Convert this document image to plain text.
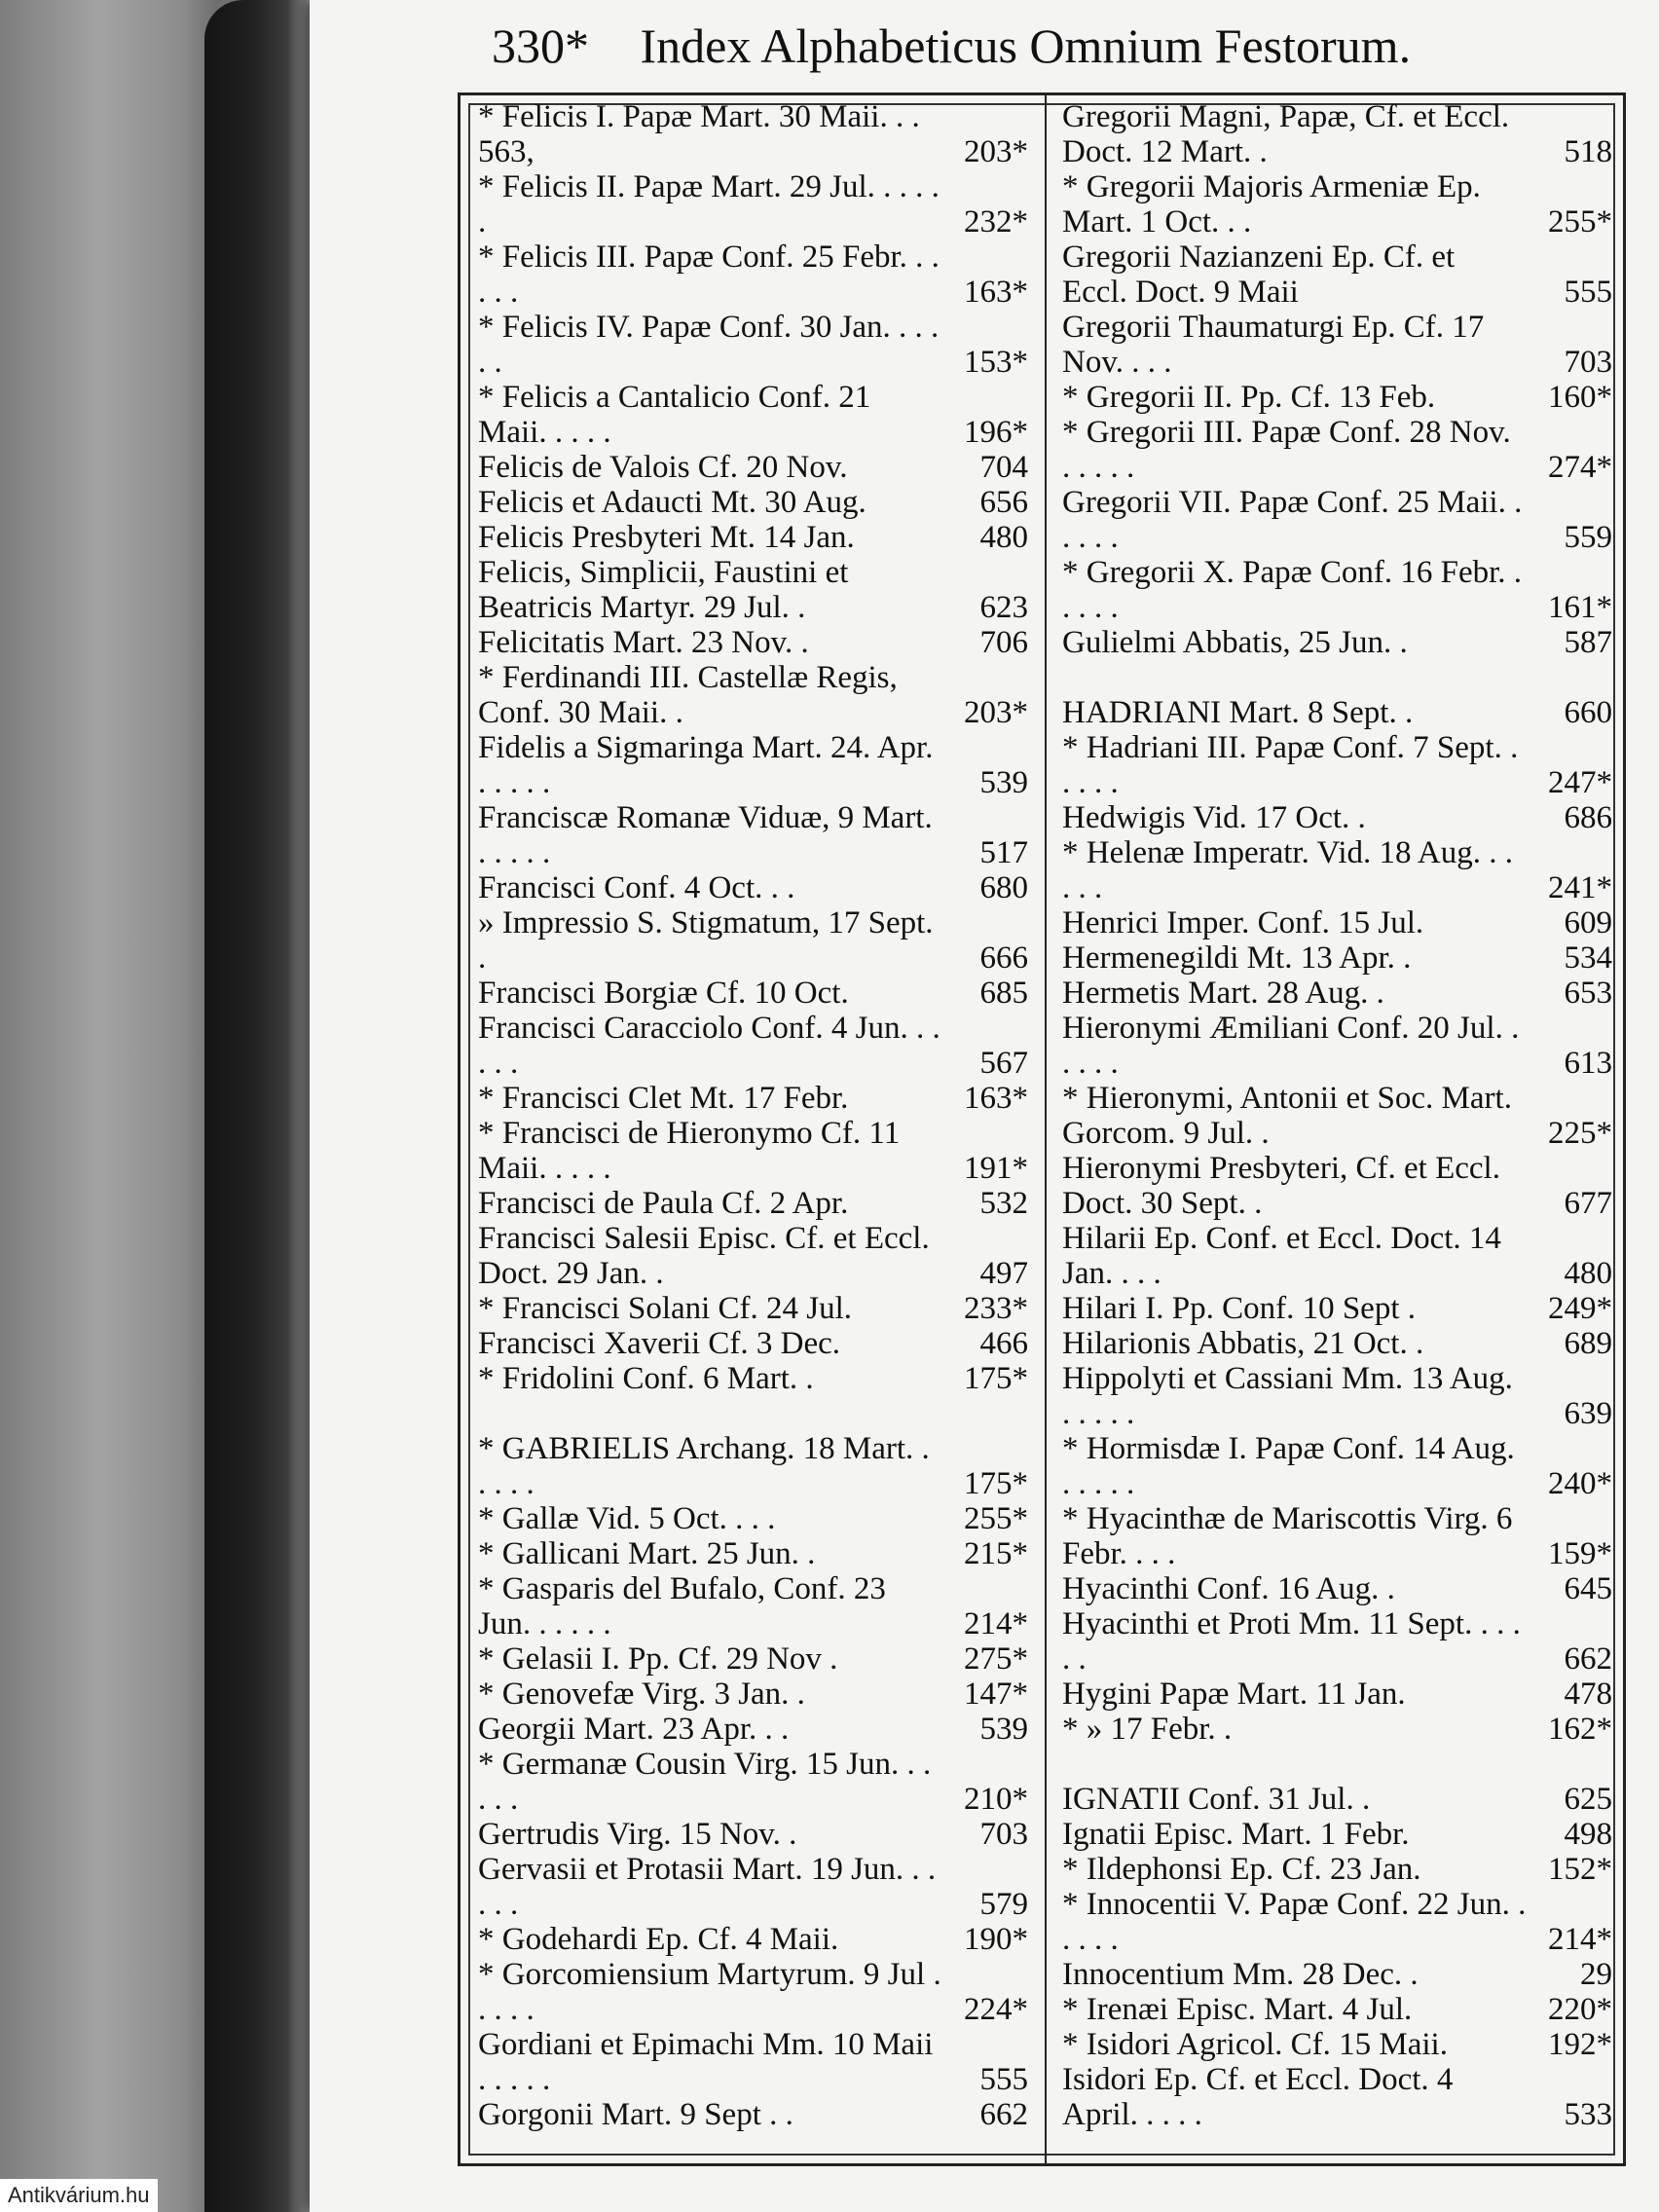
330* Index Alphabeticus Omnium Festorum.
* Felicis I. Papæ Mart. 30 Maii. . . 563,	203*
* Felicis II. Papæ Mart. 29 Jul. . . . . .	232*
* Felicis III. Papæ Conf. 25 Febr. . . . . .	163*
* Felicis IV. Papæ Conf. 30 Jan. . . . . .	153*
* Felicis a Cantalicio Conf. 21 Maii. . . . .	196*
Felicis de Valois Cf. 20 Nov.	704
Felicis et Adaucti Mt. 30 Aug.	656
Felicis Presbyteri Mt. 14 Jan.	480
Felicis, Simplicii, Faustini et Beatricis Martyr. 29 Jul. .	623
Felicitatis Mart. 23 Nov. .	706
* Ferdinandi III. Castellæ Regis, Conf. 30 Maii. .	203*
Fidelis a Sigmaringa Mart. 24. Apr. . . . . .	539
Franciscæ Romanæ Viduæ, 9 Mart. . . . . .	517
Francisci Conf. 4 Oct. . .	680
» Impressio S. Stigmatum, 17 Sept. .	666
Francisci Borgiæ Cf. 10 Oct.	685
Francisci Caracciolo Conf. 4 Jun. . . . . .	567
* Francisci Clet Mt. 17 Febr.	163*
* Francisci de Hieronymo Cf. 11 Maii. . . . .	191*
Francisci de Paula Cf. 2 Apr.	532
Francisci Salesii Episc. Cf. et Eccl. Doct. 29 Jan. .	497
* Francisci Solani Cf. 24 Jul.	233*
Francisci Xaverii Cf. 3 Dec.	466
* Fridolini Conf. 6 Mart. .	175*
* GABRIELIS Archang. 18 Mart. . . . . .	175*
* Gallæ Vid. 5 Oct. . . .	255*
* Gallicani Mart. 25 Jun. .	215*
* Gasparis del Bufalo, Conf. 23 Jun. . . . . .	214*
* Gelasii I. Pp. Cf. 29 Nov .	275*
* Genovefæ Virg. 3 Jan. .	147*
Georgii Mart. 23 Apr. . .	539
* Germanæ Cousin Virg. 15 Jun. . . . . .	210*
Gertrudis Virg. 15 Nov. .	703
Gervasii et Protasii Mart. 19 Jun. . . . . .	579
* Godehardi Ep. Cf. 4 Maii.	190*
* Gorcomiensium Martyrum. 9 Jul . . . . .	224*
Gordiani et Epimachi Mm. 10 Maii . . . . .	555
Gorgonii Mart. 9 Sept . .	662
Gregorii Magni, Papæ, Cf. et Eccl. Doct. 12 Mart. .	518
* Gregorii Majoris Armeniæ Ep. Mart. 1 Oct. . .	255*
Gregorii Nazianzeni Ep. Cf. et Eccl. Doct. 9 Maii	555
Gregorii Thaumaturgi Ep. Cf. 17 Nov. . . .	703
* Gregorii II. Pp. Cf. 13 Feb.	160*
* Gregorii III. Papæ Conf. 28 Nov. . . . . .	274*
Gregorii VII. Papæ Conf. 25 Maii. . . . . .	559
* Gregorii X. Papæ Conf. 16 Febr. . . . . .	161*
Gulielmi Abbatis, 25 Jun. .	587
HADRIANI Mart. 8 Sept. .	660
* Hadriani III. Papæ Conf. 7 Sept. . . . . .	247*
Hedwigis Vid. 17 Oct. .	686
* Helenæ Imperatr. Vid. 18 Aug. . . . . .	241*
Henrici Imper. Conf. 15 Jul.	609
Hermenegildi Mt. 13 Apr. .	534
Hermetis Mart. 28 Aug. .	653
Hieronymi Æmiliani Conf. 20 Jul. . . . . .	613
* Hieronymi, Antonii et Soc. Mart. Gorcom. 9 Jul. .	225*
Hieronymi Presbyteri, Cf. et Eccl. Doct. 30 Sept. .	677
Hilarii Ep. Conf. et Eccl. Doct. 14 Jan. . . .	480
Hilari I. Pp. Conf. 10 Sept .	249*
Hilarionis Abbatis, 21 Oct. .	689
Hippolyti et Cassiani Mm. 13 Aug. . . . . .	639
* Hormisdæ I. Papæ Conf. 14 Aug. . . . . .	240*
* Hyacinthæ de Mariscottis Virg. 6 Febr. . . .	159*
Hyacinthi Conf. 16 Aug. .	645
Hyacinthi et Proti Mm. 11 Sept. . . . . .	662
Hygini Papæ Mart. 11 Jan.	478
* » 17 Febr. .	162*
IGNATII Conf. 31 Jul. .	625
Ignatii Episc. Mart. 1 Febr.	498
* Ildephonsi Ep. Cf. 23 Jan.	152*
* Innocentii V. Papæ Conf. 22 Jun. . . . . .	214*
Innocentium Mm. 28 Dec. .	29
* Irenæi Episc. Mart. 4 Jul.	220*
* Isidori Agricol. Cf. 15 Maii.	192*
Isidori Ep. Cf. et Eccl. Doct. 4 April. . . . .	533
Antikvárium.hu
